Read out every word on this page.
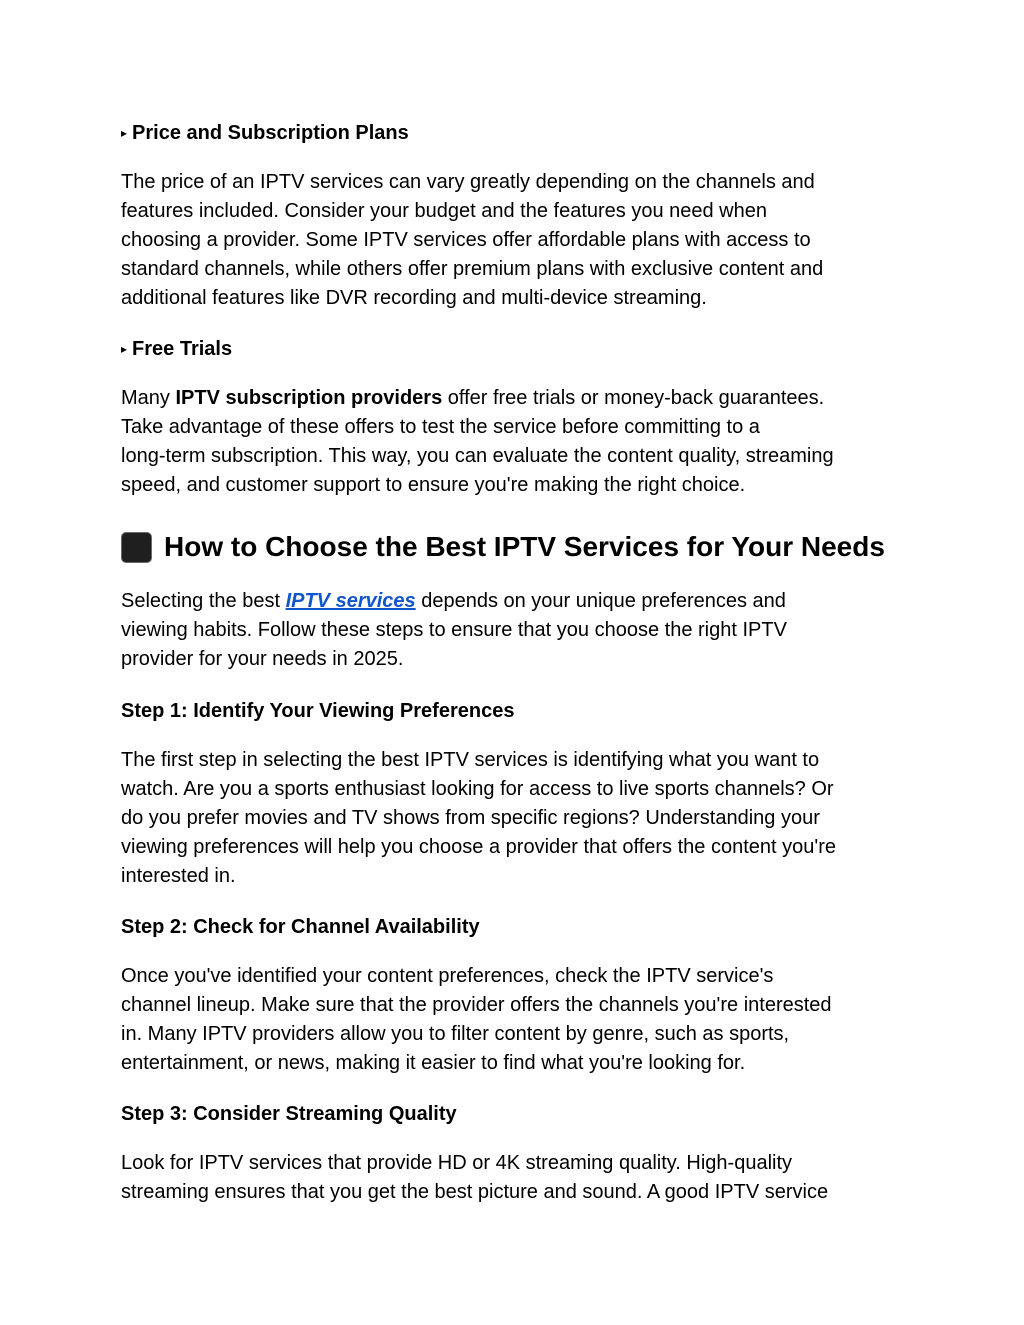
▸ Price and Subscription Plans
The price of an IPTV services can vary greatly depending on the channels and
features included. Consider your budget and the features you need when
choosing a provider. Some IPTV services offer affordable plans with access to
standard channels, while others offer premium plans with exclusive content and
additional features like DVR recording and multi-device streaming.
▸ Free Trials
Many IPTV subscription providers offer free trials or money-back guarantees.
Take advantage of these offers to test the service before committing to a
long-term subscription. This way, you can evaluate the content quality, streaming
speed, and customer support to ensure you're making the right choice.
How to Choose the Best IPTV Services for Your Needs
Selecting the best IPTV services depends on your unique preferences and
viewing habits. Follow these steps to ensure that you choose the right IPTV
provider for your needs in 2025.
Step 1: Identify Your Viewing Preferences
The first step in selecting the best IPTV services is identifying what you want to
watch. Are you a sports enthusiast looking for access to live sports channels? Or
do you prefer movies and TV shows from specific regions? Understanding your
viewing preferences will help you choose a provider that offers the content you're
interested in.
Step 2: Check for Channel Availability
Once you've identified your content preferences, check the IPTV service's
channel lineup. Make sure that the provider offers the channels you're interested
in. Many IPTV providers allow you to filter content by genre, such as sports,
entertainment, or news, making it easier to find what you're looking for.
Step 3: Consider Streaming Quality
Look for IPTV services that provide HD or 4K streaming quality. High-quality
streaming ensures that you get the best picture and sound. A good IPTV service
